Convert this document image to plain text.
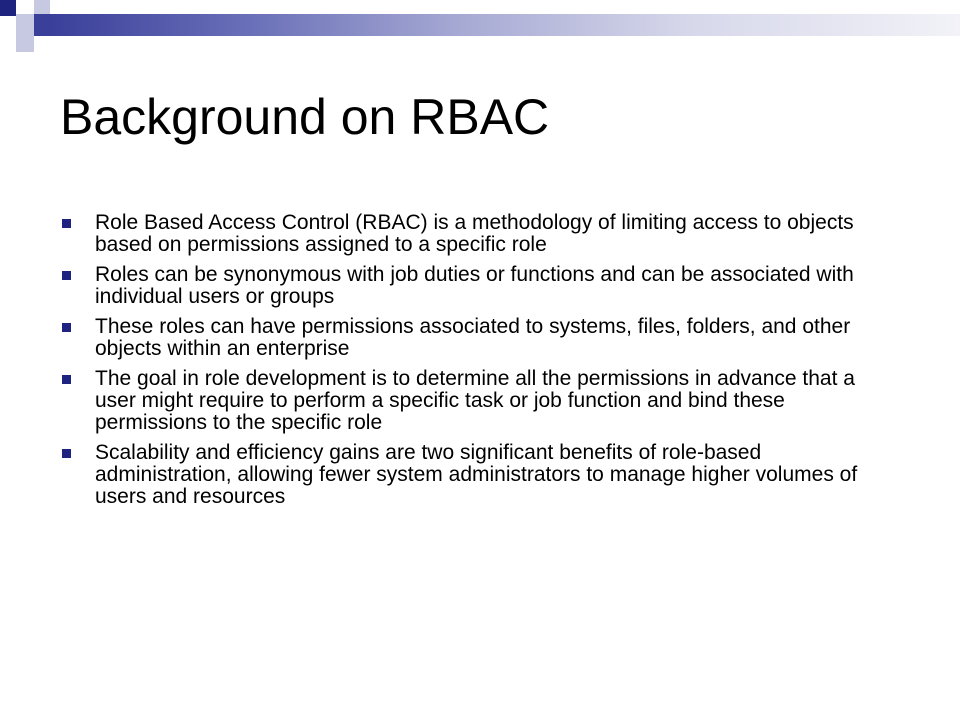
Background on RBAC
Role Based Access Control (RBAC) is a methodology of limiting access to objects based on permissions assigned to a specific role
Roles can be synonymous with job duties or functions and can be associated with individual users or groups
These roles can have permissions associated to systems, files, folders, and other objects within an enterprise
The goal in role development is to determine all the permissions in advance that a user might require to perform a specific task or job function and bind these permissions to the specific role
Scalability and efficiency gains are two significant benefits of role-based administration, allowing fewer system administrators to manage higher volumes of users and resources
